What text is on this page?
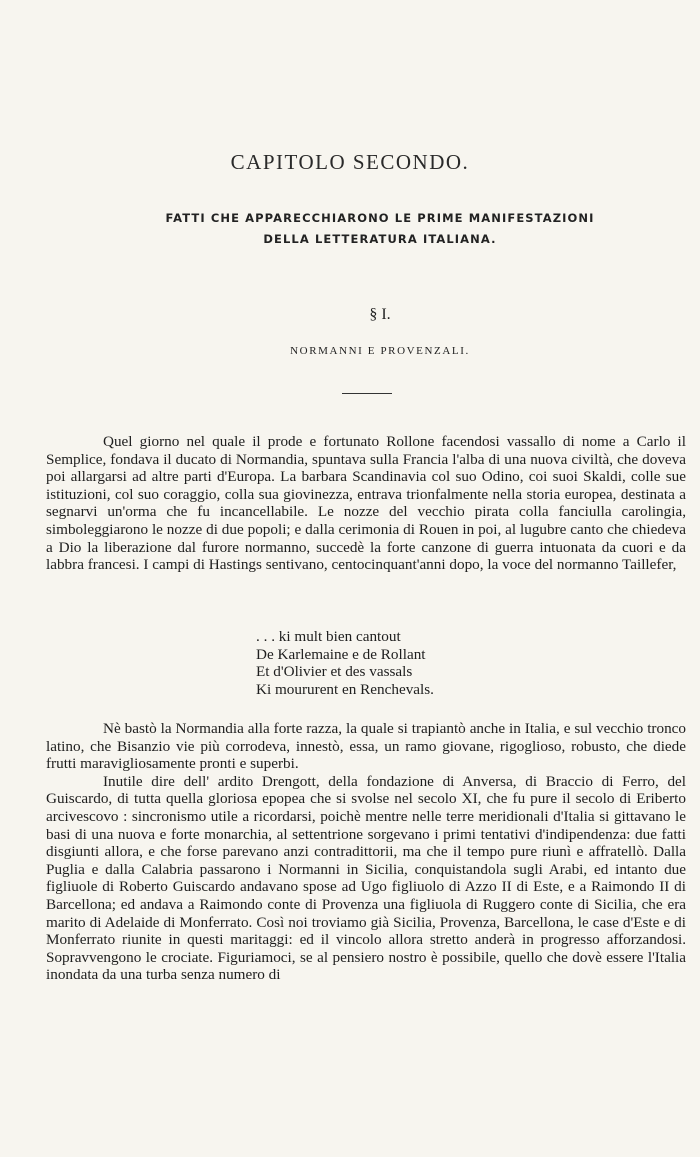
CAPITOLO SECONDO.
FATTI CHE APPARECCHIARONO LE PRIME MANIFESTAZIONI
DELLA LETTERATURA ITALIANA.
§ I.
NORMANNI E PROVENZALI.

Quel giorno nel quale il prode e fortunato Rollone facendosi vassallo di nome a Carlo il Semplice, fondava il ducato di Normandia, spuntava sulla Francia l'alba di una nuova civiltà, che doveva poi allargarsi ad altre parti d'Europa. La barbara Scandinavia col suo Odino, coi suoi Skaldi, colle sue istituzioni, col suo coraggio, colla sua giovinezza, entrava trionfalmente nella storia europea, destinata a segnarvi un'orma che fu incancellabile. Le nozze del vecchio pirata colla fanciulla carolingia, simboleggiarono le nozze di due popoli; e dalla cerimonia di Rouen in poi, al lugubre canto che chiedeva a Dio la liberazione dal furore normanno, succedè la forte canzone di guerra intuonata da cuori e da labbra francesi. I campi di Hastings sentivano, centocinquant'anni dopo, la voce del normanno Taillefer,

. . . ki mult bien cantout
De Karlemaine e de Rollant
Et d'Olivier et des vassals
Ki moururent en Renchevals.

Nè bastò la Normandia alla forte razza, la quale si trapiantò anche in Italia, e sul vecchio tronco latino, che Bisanzio vie più corrodeva, innestò, essa, un ramo giovane, rigoglioso, robusto, che diede frutti maravigliosamente pronti e superbi.

Inutile dire dell' ardito Drengott, della fondazione di Anversa, di Braccio di Ferro, del Guiscardo, di tutta quella gloriosa epopea che si svolse nel secolo XI, che fu pure il secolo di Eriberto arcivescovo : sincronismo utile a ricordarsi, poichè mentre nelle terre meridionali d'Italia si gittavano le basi di una nuova e forte monarchia, al settentrione sorgevano i primi tentativi d'indipendenza: due fatti disgiunti allora, e che forse parevano anzi contradittorii, ma che il tempo pure riunì e affratellò. Dalla Puglia e dalla Calabria passarono i Normanni in Sicilia, conquistandola sugli Arabi, ed intanto due figliuole di Roberto Guiscardo andavano spose ad Ugo figliuolo di Azzo II di Este, e a Raimondo II di Barcellona; ed andava a Raimondo conte di Provenza una figliuola di Ruggero conte di Sicilia, che era marito di Adelaide di Monferrato. Così noi troviamo già Sicilia, Provenza, Barcellona, le case d'Este e di Monferrato riunite in questi maritaggi: ed il vincolo allora stretto anderà in progresso afforzandosi. Sopravvengono le crociate. Figuriamoci, se al pensiero nostro è possibile, quello che dovè essere l'Italia inondata da una turba senza numero di
